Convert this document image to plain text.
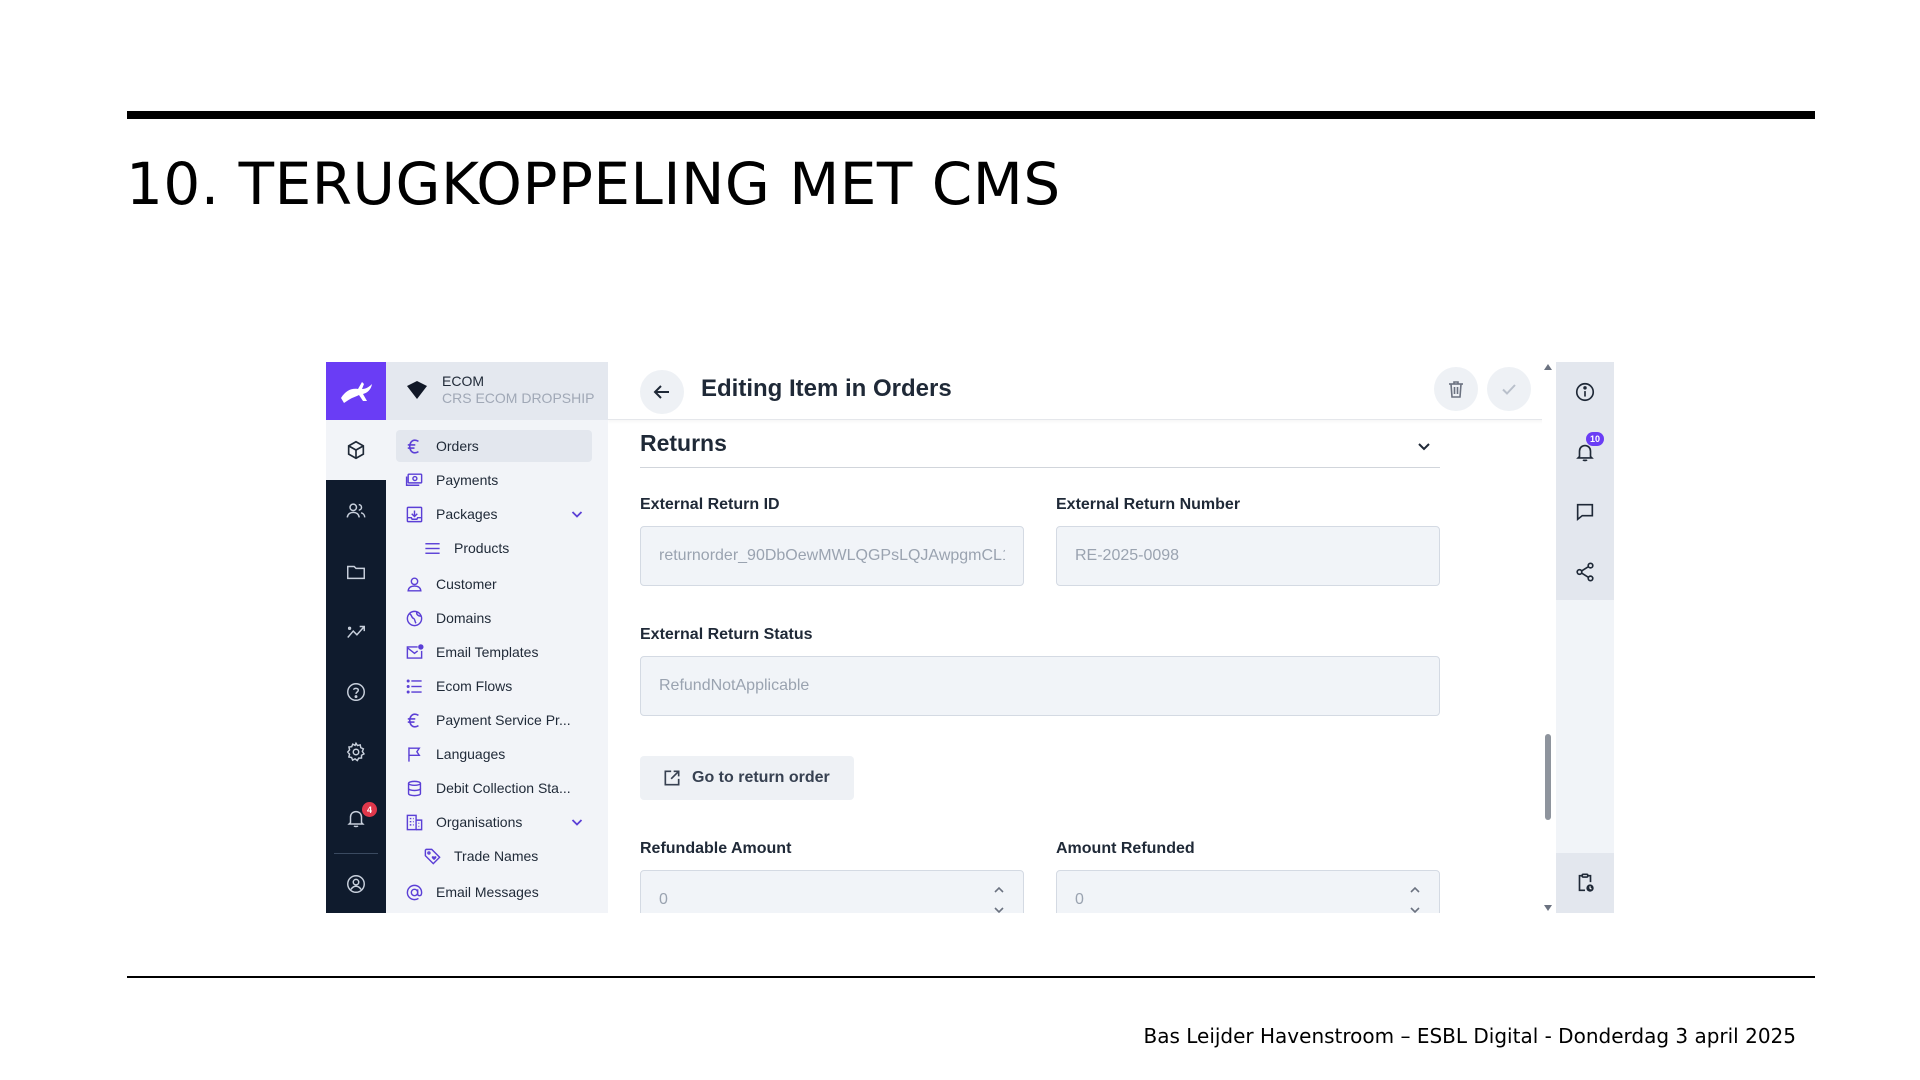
10. TERUGKOPPELING MET CMS
4
ECOM
CRS ECOM DROPSHIP
Orders
Payments
Packages
Products
Customer
Domains
Email Templates
Ecom Flows
Payment Service Pr...
Languages
Debit Collection Sta...
Organisations
Trade Names
Email Messages
Returns
External Return ID
returnorder_90DbOewMWLQGPsLQJAwpgmCL1	External Return Number
RE-2025-0098
External Return Status
RefundNotApplicable
Go to return order
Refundable Amount
0
Amount Refunded
0
Editing Item in Orders
10
Bas Leijder Havenstroom – ESBL Digital - Donderdag 3 april 2025
